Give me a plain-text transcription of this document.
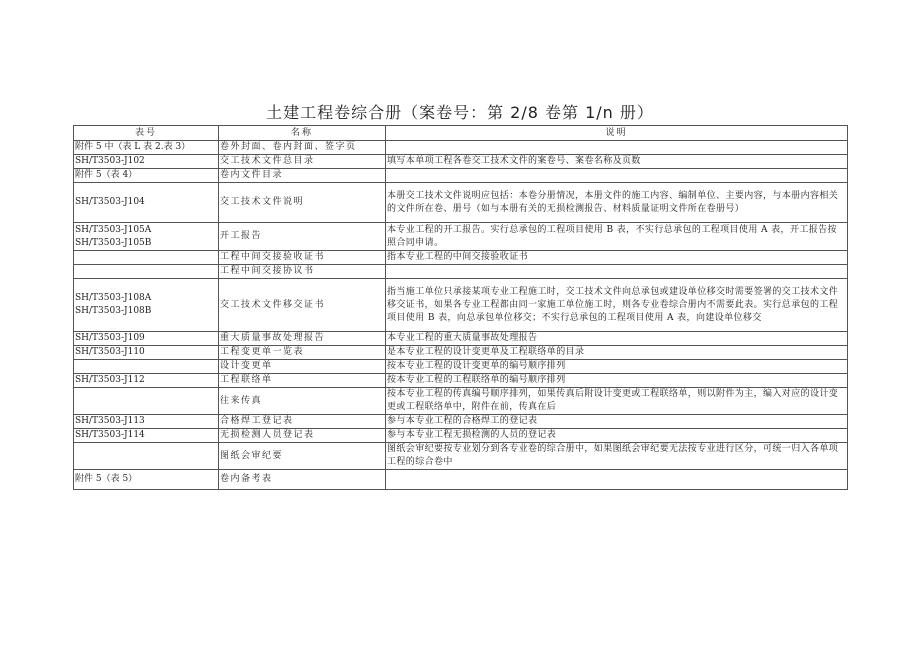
土建工程卷综合册（案卷号：第 2/8 卷第 1/n 册）
表号	名称	说明

附件 5 中（表 L 表 2.表 3）	卷外封面、卷内封面、签字页	

SH/T3503-J102	交工技术文件总目录	填写本单项工程各卷交工技术文件的案卷号、案卷名称及页数

附件 5（表 4）	卷内文件目录	

SH/T3503-J104	交工技术文件说明	本册交工技术文件说明应包括：本卷分册情况，本册文件的施工内容、编制单位、主要内容，与本册内容相关的文件所在卷、册号（如与本册有关的无损检测报告、材料质量证明文件所在卷册号）

SH/T3503-J105A
SH/T3503-J105B	开工报告	本专业工程的开工报告。实行总承包的工程项目使用 B 表，不实行总承包的工程项目使用 A 表，开工报告按照合同申请。

	工程中间交接验收证书	指本专业工程的中间交接验收证书

	工程中间交接协议书	

SH/T3503-J108A
SH/T3503-J108B	交工技术文件移交证书	指当施工单位只承接某项专业工程施工时，交工技术文件向总承包或建设单位移交时需要签署的交工技术文件移交证书，如果各专业工程都由同一家施工单位施工时，则各专业卷综合册内不需要此表。实行总承包的工程项目使用 B 表，向总承包单位移交；不实行总承包的工程项目使用 A 表，向建设单位移交

SH/T3503-J109	重大质量事故处理报告	本专业工程的重大质量事故处理报告

SH/T3503-J110	工程变更单一览表	是本专业工程的设计变更单及工程联络单的目录

	设计变更单	按本专业工程的设计变更单的编号顺序排列

SH/T3503-J112	工程联络单	按本专业工程的工程联络单的编号顺序排列

	往来传真	按本专业工程的传真编号顺序排列，如果传真后附设计变更或工程联络单，则以附件为主，编入对应的设计变更或工程联络单中，附件在前，传真在后

SH/T3503-J113	合格焊工登记表	参与本专业工程的合格焊工的登记表

SH/T3503-J114	无损检测人员登记表	参与本专业工程无损检测的人员的登记表

	图纸会审纪要	图纸会审纪要按专业划分到各专业卷的综合册中，如果图纸会审纪要无法按专业进行区分，可统一归入各单项工程的综合卷中

附件 5（表 5）	卷内备考表	
